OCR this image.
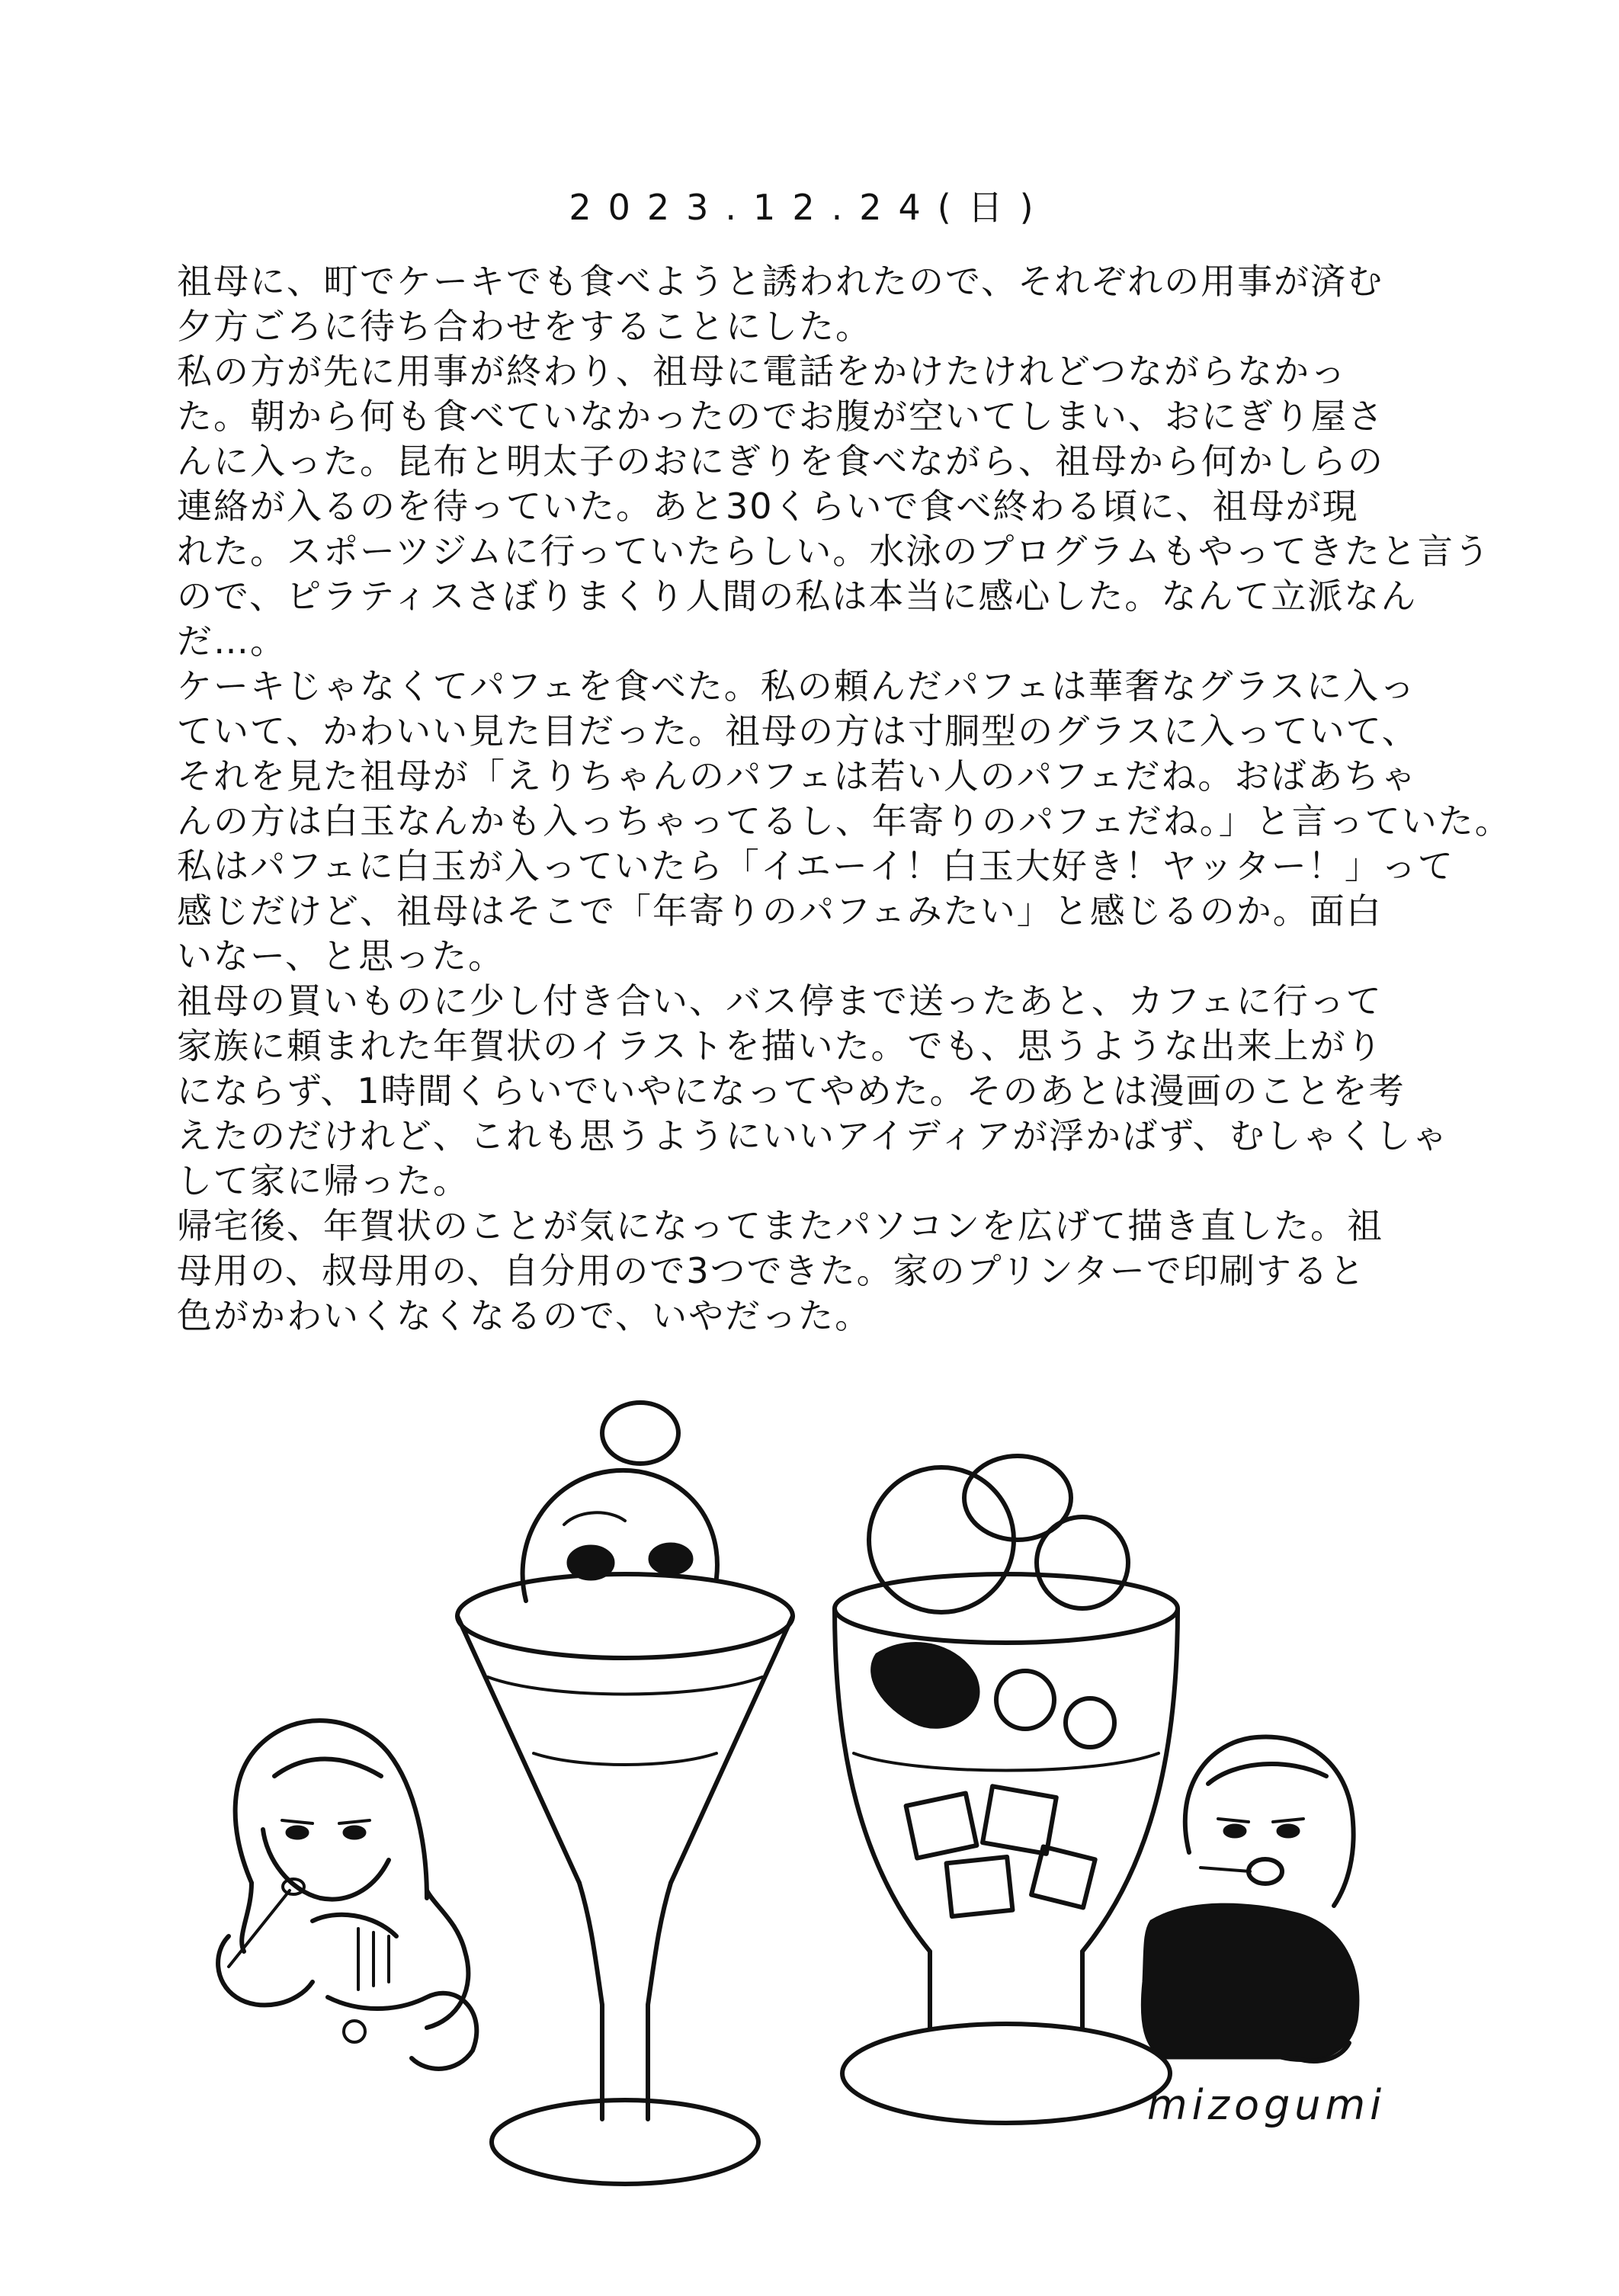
2023.12.24(日)
祖母に、町でケーキでも食べようと誘われたので、それぞれの用事が済む
夕方ごろに待ち合わせをすることにした。
私の方が先に用事が終わり、祖母に電話をかけたけれどつながらなかっ
た。朝から何も食べていなかったのでお腹が空いてしまい、おにぎり屋さ
んに入った。昆布と明太子のおにぎりを食べながら、祖母から何かしらの
連絡が入るのを待っていた。あと30くらいで食べ終わる頃に、祖母が現
れた。スポーツジムに行っていたらしい。水泳のプログラムもやってきたと言う
ので、ピラティスさぼりまくり人間の私は本当に感心した。なんて立派なん
だ…。
ケーキじゃなくてパフェを食べた。私の頼んだパフェは華奢なグラスに入っ
ていて、かわいい見た目だった。祖母の方は寸胴型のグラスに入っていて、
それを見た祖母が「えりちゃんのパフェは若い人のパフェだね。おばあちゃ
んの方は白玉なんかも入っちゃってるし、年寄りのパフェだね。」と言っていた。
私はパフェに白玉が入っていたら「イエーイ！白玉大好き！ヤッター！」って
感じだけど、祖母はそこで「年寄りのパフェみたい」と感じるのか。面白
いなー、と思った。
祖母の買いものに少し付き合い、バス停まで送ったあと、カフェに行って
家族に頼まれた年賀状のイラストを描いた。でも、思うような出来上がり
にならず、1時間くらいでいやになってやめた。そのあとは漫画のことを考
えたのだけれど、これも思うようにいいアイディアが浮かばず、むしゃくしゃ
して家に帰った。
帰宅後、年賀状のことが気になってまたパソコンを広げて描き直した。祖
母用の、叔母用の、自分用ので3つできた。家のプリンターで印刷すると
色がかわいくなくなるので、いやだった。
mizogumi
